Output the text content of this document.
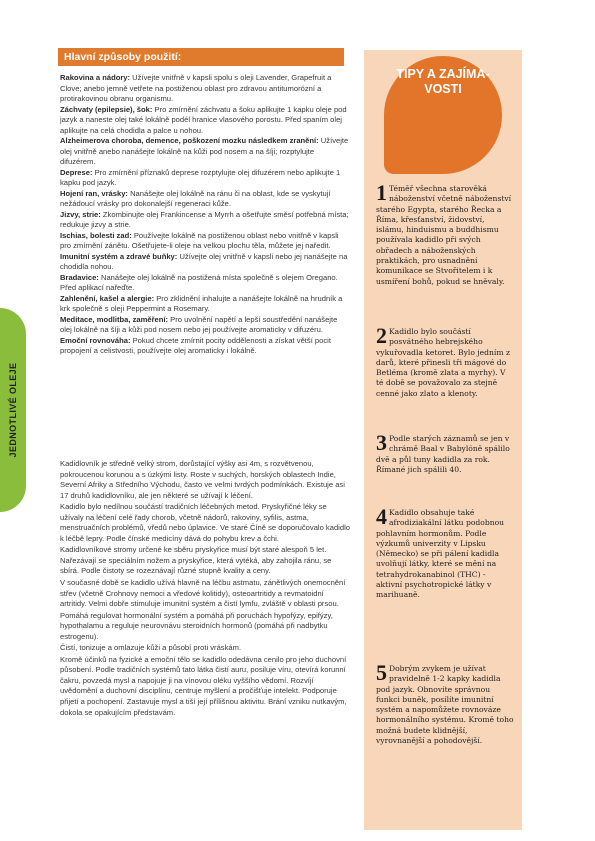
JEDNOTLIVÉ OLEJE
Hlavní způsoby použití:

Rakovina a nádory: Užívejte vnitřně v kapsli spolu s oleji Lavender, Grapefruit a Clove; anebo jemně vetřete na postiženou oblast pro zdravou antitumorózní a protirakovinou obranu organismu.

Záchvaty (epilepsie), šok: Pro zmírnění záchvatu a šoku aplikujte 1 kapku oleje pod jazyk a naneste olej také lokálně podél hranice vlasového porostu. Před spaním olej aplikujte na celá chodidla a palce u nohou.

Alzheimerova choroba, demence, poškození mozku následkem zranění: Užívejte olej vnitřně anebo nanášejte lokálně na kůži pod nosem a na šíji; rozptylujte difuzérem.

Deprese: Pro zmírnění příznaků deprese rozptylujte olej difuzérem nebo aplikujte 1 kapku pod jazyk.

Hojení ran, vrásky: Nanášejte olej lokálně na ránu či na oblast, kde se vyskytují nežádoucí vrásky pro dokonalejší regeneraci kůže.

Jizvy, strie: Zkombinujte olej Frankincense a Myrrh a ošetřujte směsí potřebná místa; redukuje jizvy a strie.

Ischias, bolesti zad: Používejte lokálně na postiženou oblast nebo vnitřně v kapsli pro zmírnění zánětu. Ošetřujete-li oleje na velkou plochu těla, můžete jej naředit.

Imunitní systém a zdravé buňky: Užívejte olej vnitřně v kapsli nebo jej nanášejte na chodidla nohou.

Bradavice: Nanášejte olej lokálně na postižená místa společně s olejem Oregano. Před aplikací nařeďte.

Zahlenění, kašel a alergie: Pro zklidnění inhalujte a nanášejte lokálně na hrudník a krk společně s oleji Peppermint a Rosemary.

Meditace, modlitba, zaměření: Pro uvolnění napětí a lepší soustředění nanášejte olej lokálně na šíji a kůži pod nosem nebo jej používejte aromaticky v difuzéru.

Emoční rovnováha: Pokud chcete zmírnit pocity oddělenosti a získat větší pocit propojení a celistvosti, používejte olej aromaticky i lokálně.

Kadidlovník je středně velký strom, dorůstající výšky asi 4m, s rozvětvenou, pokroucenou korunou a s úzkými listy. Roste v suchých, horských oblastech Indie, Severní Afriky a Středního Východu, často ve velmi tvrdých podmínkách. Existuje asi 17 druhů kadidlovníku, ale jen některé se užívají k léčení.

Kadidlo bylo nedílnou součástí tradičních léčebných metod. Pryskyřičné léky se užívaly na léčení celé řady chorob, včetně nádorů, rakoviny, syfilis, astma, menstruačních problémů, vředů nebo úplavice. Ve staré Číně se doporučovalo kadidlo k léčbě lepry. Podle čínské medicíny dává do pohybu krev a čchi.

Kadidlovníkové stromy určené ke sběru pryskyřice musí být staré alespoň 5 let. Nařezávají se speciálním nožem a pryskyřice, která vytéká, aby zahojila ránu, se sbírá. Podle čistoty se rozeznávají různé stupně kvality a ceny.

V současné době se kadidlo užívá hlavně na léčbu astmatu, zánětlivých onemocnění střev (včetně Crohnovy nemoci a vředové kolitidy), osteoartritidy a revmatoidní artritidy. Velmi dobře stimuluje imunitní systém a čistí lymfu, zvláště v oblasti prsou.

Pomáhá regulovat hormonální systém a pomáhá při poruchách hypofýzy, epifýzy, hypothalamu a reguluje neurovnávu steroidních hormonů (pomáhá při nadbytku estrogenu).

Čistí, tonizuje a omlazuje kůži a působí proti vráskám.

Kromě účinků na fyzické a emoční tělo se kadidlo odedávna cenilo pro jeho duchovní působení. Podle tradičních systémů tato látka čistí auru, posiluje víru, otevírá korunní čakru, povzedá mysl a napojuje ji na vínovou oléku vyššího vědomí. Rozvíjí uvědomění a duchovní disciplínu, centruje myšlení a pročišťuje intelekt. Podporuje přijetí a pochopení. Zastavuje mysl a tiší její přílišnou aktivitu. Brání vzniku nutkavým, dokola se opakujícím představám.

TIPY A ZAJÍMA-
VOSTI
1 Téměř všechna starověká náboženství včetně náboženství starého Egypta, starého Řecka a Říma, křesťanství, židovství, islámu, hinduismu a buddhismu používala kadidlo při svých obřadech a náboženských praktikách, pro usnadnění komunikace se Stvořitelem i k usmíření bohů, pokud se hněvaly.
2 Kadidlo bylo součástí posvátného hebrejského vykuřovadla ketoret. Bylo jedním z darů, které přinesli tři mágové do Betléma (kromě zlata a myrhy). V té době se považovalo za stejně cenné jako zlato a klenoty.
3 Podle starých záznamů se jen v chrámě Baal v Babylóně spálilo dvě a půl tuny kadidla za rok. Římané jich spálili 40.
4 Kadidlo obsahuje také afrodiziakální látku podobnou pohlavním hormonům. Podle výzkumů univerzity v Lipsku (Německo) se při pálení kadidla uvolňují látky, které se mění na tetrahydrokanabinol (THC) - aktivní psychotropické látky v marihuaně.
5 Dobrým zvykem je užívat pravidelně 1-2 kapky kadidla pod jazyk. Obnovíte správnou funkci buněk, posílíte imunitní systém a napomůžete rovnováze hormonálního systému. Kromě toho možná budete klidnější, vyrovnanější a pohodovější.
